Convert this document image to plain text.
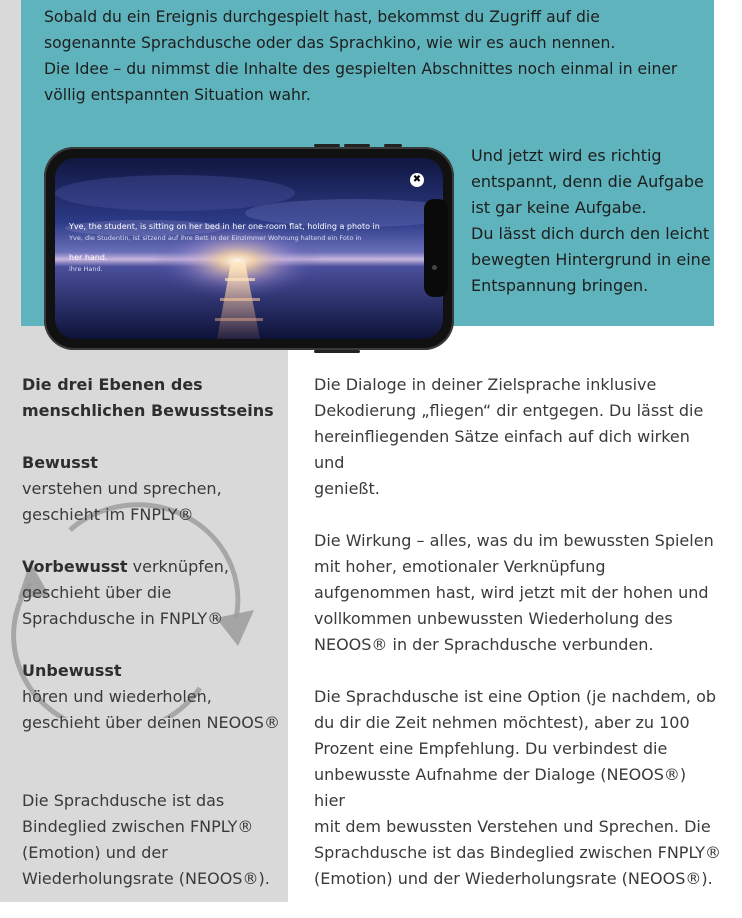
Sobald du ein Ereignis durchgespielt hast, bekommst du Zugriff auf die

sogenannte Sprachdusche oder das Sprachkino, wie wir es auch nennen.

Die Idee – du nimmst die Inhalte des gespielten Abschnittes noch einmal in einer

völlig entspannten Situation wahr.

Und jetzt wird es richtig
entspannt, denn die Aufgabe
ist gar keine Aufgabe.
Du lässt dich durch den leicht
bewegten Hintergrund in eine
Entspannung bringen.
✖
Yve, the student, is sitting on her bed in her one-room flat, holding a photo in
Yve, die Studentin, ist sitzend auf ihre Bett in der Einzimmer Wohnung haltend ein Foto in
her hand.
ihre Hand.

Die drei Ebenen des

menschlichen Bewusstseins

Bewusst

verstehen und sprechen,

geschieht im FNPLY®

Vorbewusst verknüpfen,

geschieht über die

Sprachdusche in FNPLY®

Unbewusst

hören und wiederholen,

geschieht über deinen NEOOS®

Die Sprachdusche ist das

Bindeglied zwischen FNPLY®

(Emotion) und der

Wiederholungsrate (NEOOS®).

Die Dialoge in deiner Zielsprache inklusive
Dekodierung „fliegen“ dir entgegen. Du lässt die
hereinfliegenden Sätze einfach auf dich wirken und
genießt.

Die Wirkung – alles, was du im bewussten Spielen
mit hoher, emotionaler Verknüpfung
aufgenommen hast, wird jetzt mit der hohen und
vollkommen unbewussten Wiederholung des
NEOOS® in der Sprachdusche verbunden.

Die Sprachdusche ist eine Option (je nachdem, ob
du dir die Zeit nehmen möchtest), aber zu 100
Prozent eine Empfehlung. Du verbindest die
unbewusste Aufnahme der Dialoge (NEOOS®) hier
mit dem bewussten Verstehen und Sprechen. Die
Sprachdusche ist das Bindeglied zwischen FNPLY®
(Emotion) und der Wiederholungsrate (NEOOS®).
